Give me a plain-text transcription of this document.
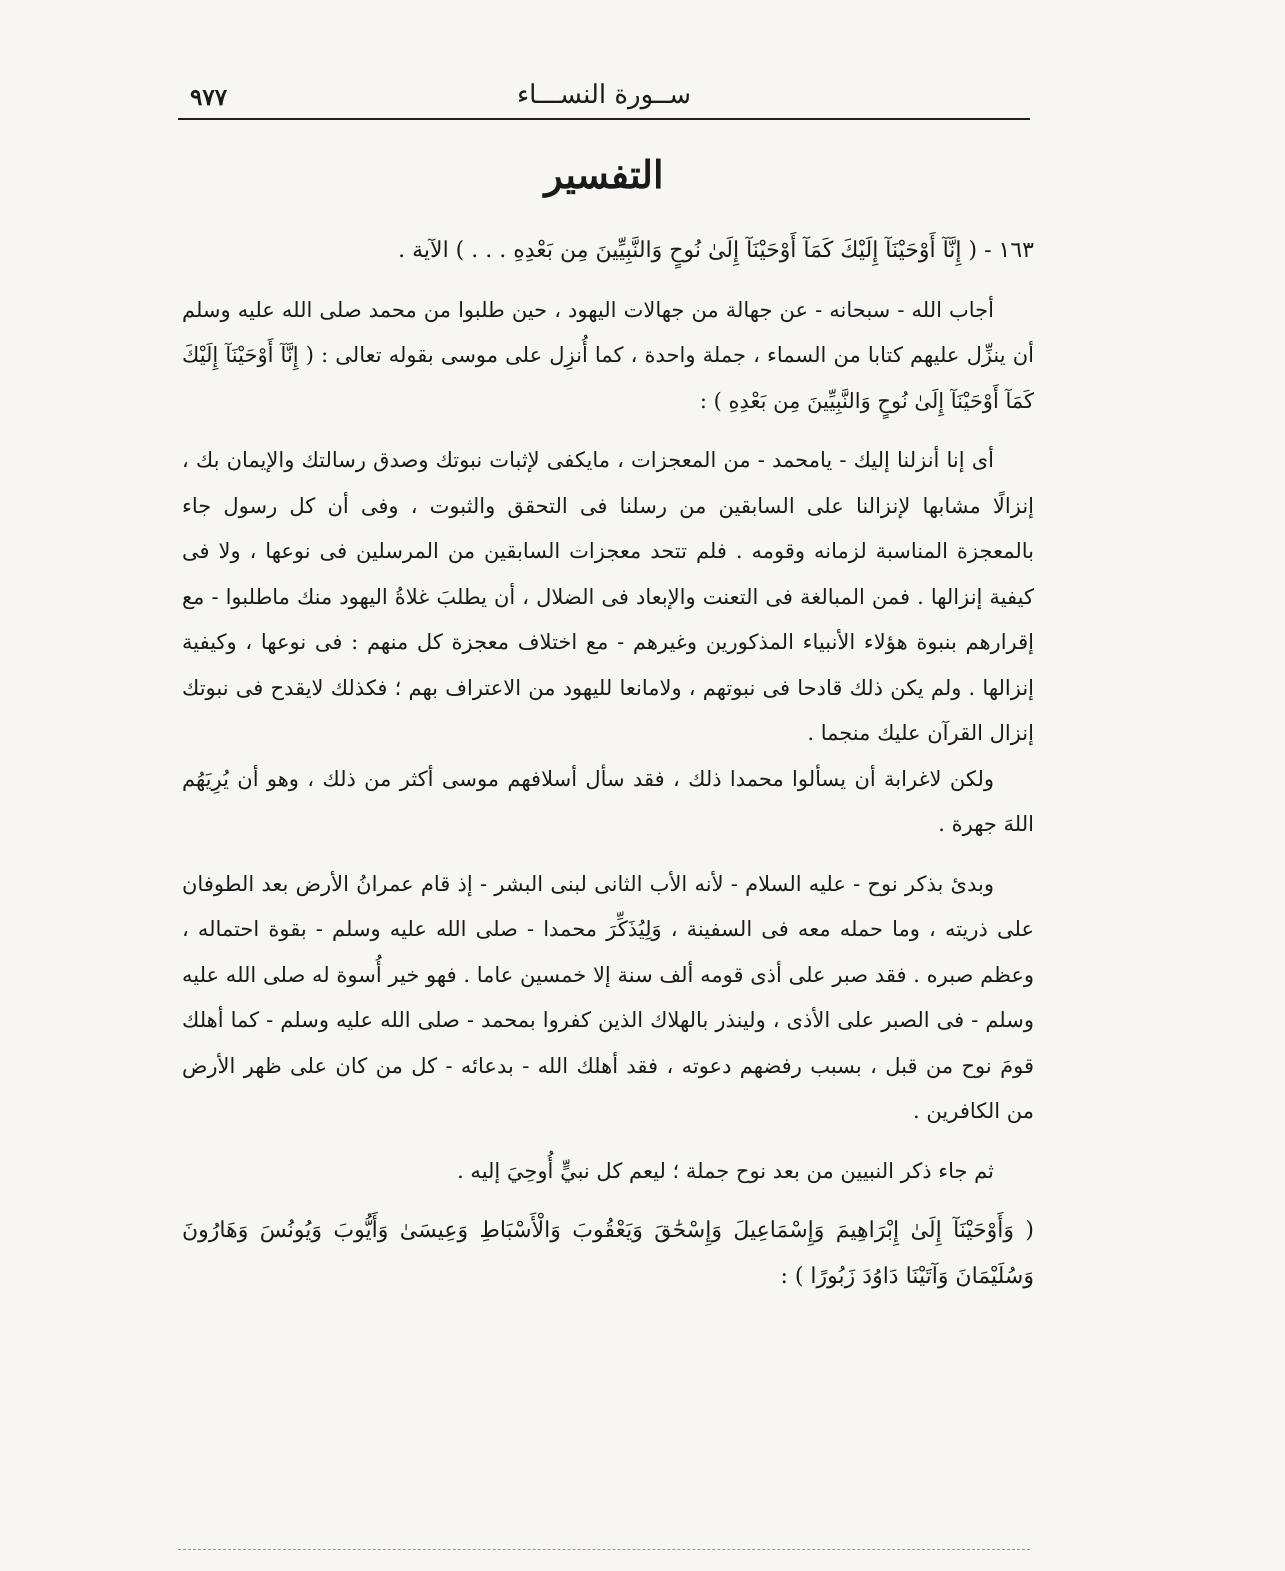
٩٧٧	ســورة النســـاء
التفسير

١٦٣ - ( إِنَّآ أَوْحَيْنَآ إِلَيْكَ كَمَآ أَوْحَيْنَآ إِلَىٰ نُوحٍ وَالنَّبِيِّينَ مِن بَعْدِهِ . . . ) الآية .

أجاب الله - سبحانه - عن جهالة من جهالات اليهود ، حين طلبوا من محمد صلى الله عليه وسلم أن ينزِّل عليهم كتابا من السماء ، جملة واحدة ، كما أُنزِل على موسى بقوله تعالى : ( إِنَّآ أَوْحَيْنَآ إِلَيْكَ كَمَآ أَوْحَيْنَآ إِلَىٰ نُوحٍ وَالنَّبِيِّينَ مِن بَعْدِهِ ) :

أى إنا أنزلنا إليك - يامحمد - من المعجزات ، مايكفى لإثبات نبوتك وصدق رسالتك والإيمان بك ، إنزالًا مشابها لإنزالنا على السابقين من رسلنا فى التحقق والثبوت ، وفى أن كل رسول جاء بالمعجزة المناسبة لزمانه وقومه . فلم تتحد معجزات السابقين من المرسلين فى نوعها ، ولا فى كيفية إنزالها . فمن المبالغة فى التعنت والإبعاد فى الضلال ، أن يطلبَ غلاةُ اليهود منك ماطلبوا - مع إقرارهم بنبوة هؤلاء الأنبياء المذكورين وغيرهم - مع اختلاف معجزة كل منهم : فى نوعها ، وكيفية إنزالها . ولم يكن ذلك قادحا فى نبوتهم ، ولامانعا لليهود من الاعتراف بهم ؛ فكذلك لايقدح فى نبوتك إنزال القرآن عليك منجما .

ولكن لاغرابة أن يسألوا محمدا ذلك ، فقد سأل أسلافهم موسى أكثر من ذلك ، وهو أن يُرِيَهُم اللهَ جهرة .

وبدئ بذكر نوح - عليه السلام - لأنه الأب الثانى لبنى البشر - إذ قام عمرانُ الأرض بعد الطوفان على ذريته ، وما حمله معه فى السفينة ، وَلِيُذَكِّرَ محمدا - صلى الله عليه وسلم - بقوة احتماله ، وعظم صبره . فقد صبر على أذى قومه ألف سنة إلا خمسين عاما . فهو خير أُسوة له صلى الله عليه وسلم - فى الصبر على الأذى ، ولينذر بالهلاك الذين كفروا بمحمد - صلى الله عليه وسلم - كما أهلك قومَ نوح من قبل ، بسبب رفضهم دعوته ، فقد أهلك الله - بدعائه - كل من كان على ظهر الأرض من الكافرين .

ثم جاء ذكر النبيين من بعد نوح جملة ؛ ليعم كل نبيٍّ أُوحِيَ إليه .

( وَأَوْحَيْنَآ إِلَىٰ إِبْرَاهِيمَ وَإِسْمَاعِيلَ وَإِسْحَٰقَ وَيَعْقُوبَ وَالْأَسْبَاطِ وَعِيسَىٰ وَأَيُّوبَ وَيُونُسَ وَهَارُونَ وَسُلَيْمَانَ وَآتَيْنَا دَاوُدَ زَبُورًا ) :
